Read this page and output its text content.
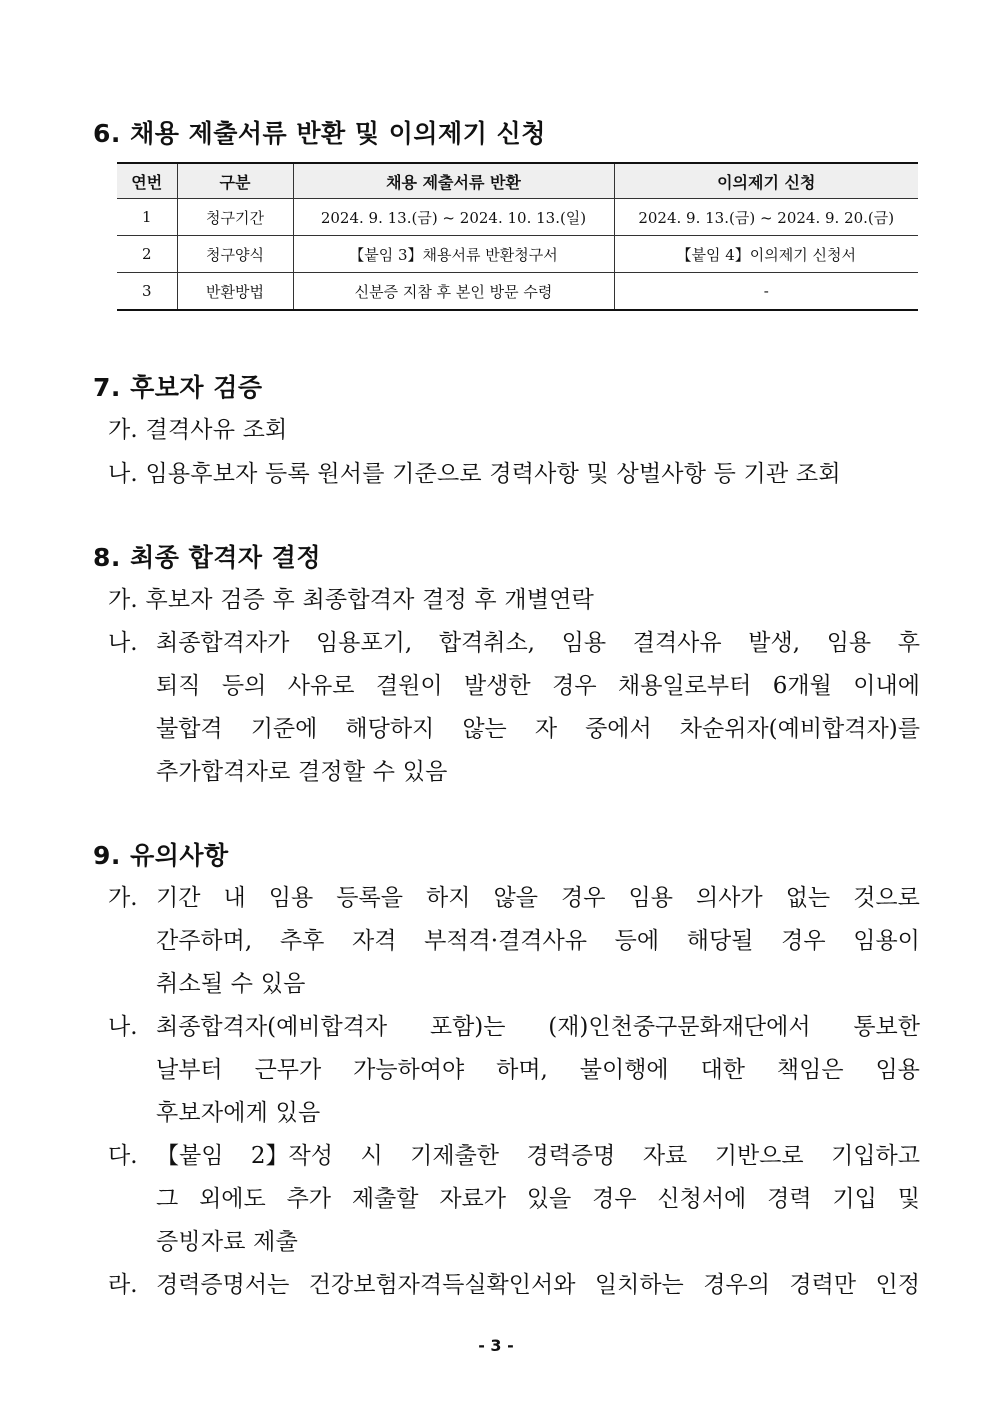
6. 채용 제출서류 반환 및 이의제기 신청
연번	구분	채용 제출서류 반환	이의제기 신청
1	청구기간	2024. 9. 13.(금) ~ 2024. 10. 13.(일)	2024. 9. 13.(금) ~ 2024. 9. 20.(금)
2	청구양식	【붙임 3】채용서류 반환청구서	【붙임 4】이의제기 신청서
3	반환방법	신분증 지참 후 본인 방문 수령	-
7. 후보자 검증
가. 결격사유 조회
나. 임용후보자 등록 원서를 기준으로 경력사항 및 상벌사항 등 기관 조회
8. 최종 합격자 결정
가. 후보자 검증 후 최종합격자 결정 후 개별연락
나. 최종합격자가 임용포기, 합격취소, 임용 결격사유 발생, 임용 후
퇴직 등의 사유로 결원이 발생한 경우 채용일로부터 6개월 이내에
불합격 기준에 해당하지 않는 자 중에서 차순위자(예비합격자)를
추가합격자로 결정할 수 있음
9. 유의사항
가. 기간 내 임용 등록을 하지 않을 경우 임용 의사가 없는 것으로
간주하며, 추후 자격 부적격·결격사유 등에 해당될 경우 임용이
취소될 수 있음
나. 최종합격자(예비합격자 포함)는 (재)인천중구문화재단에서 통보한
날부터 근무가 가능하여야 하며, 불이행에 대한 책임은 임용
후보자에게 있음
다. 【붙임 2】작성 시 기제출한 경력증명 자료 기반으로 기입하고
그 외에도 추가 제출할 자료가 있을 경우 신청서에 경력 기입 및
증빙자료 제출
라. 경력증명서는 건강보험자격득실확인서와 일치하는 경우의 경력만 인정
- 3 -
